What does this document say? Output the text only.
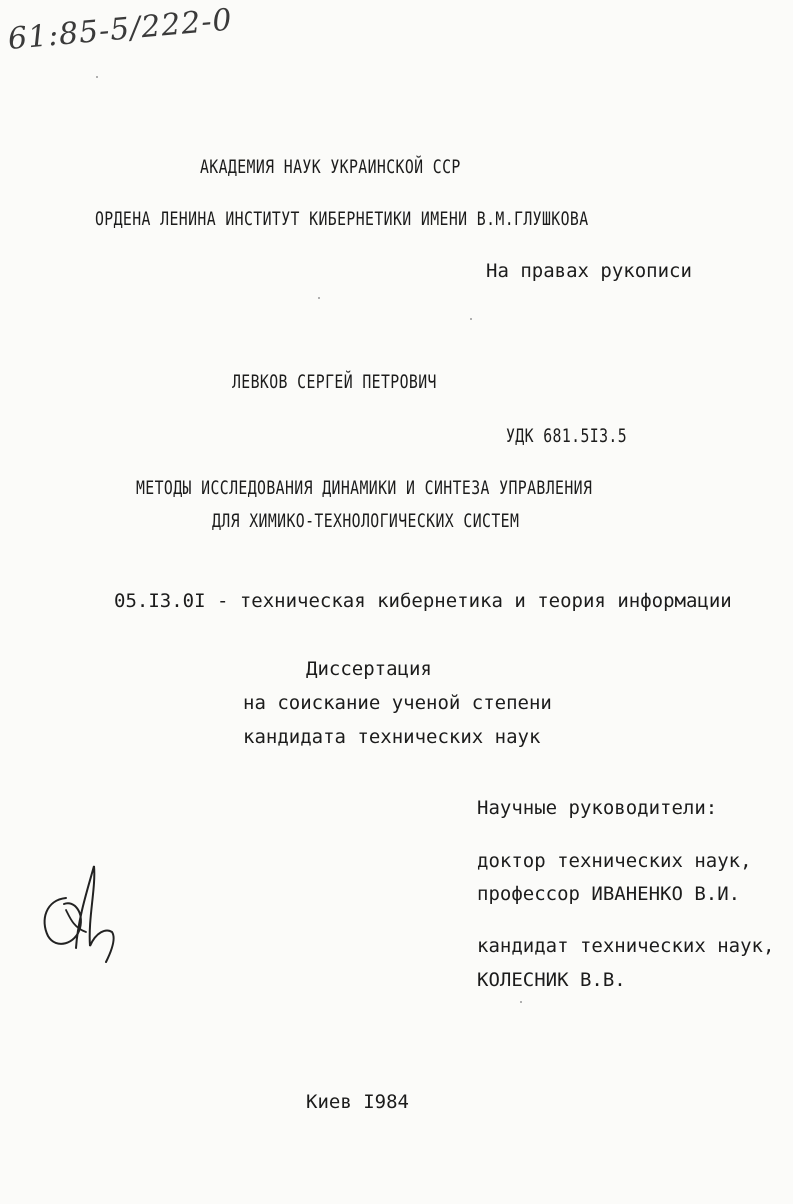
61:85-5/222-0
АКАДЕМИЯ НАУК УКРАИНСКОЙ ССР
ОРДЕНА ЛЕНИНА ИНСТИТУТ КИБЕРНЕТИКИ ИМЕНИ В.М.ГЛУШКОВА
На правах рукописи
ЛЕВКОВ СЕРГЕЙ ПЕТРОВИЧ
УДК 681.5I3.5
МЕТОДЫ ИССЛЕДОВАНИЯ ДИНАМИКИ И СИНТЕЗА УПРАВЛЕНИЯ
ДЛЯ ХИМИКО-ТЕХНОЛОГИЧЕСКИХ СИСТЕМ
05.I3.0I - техническая кибернетика и теория информации
Диссертация
на соискание ученой степени
кандидата технических наук
Научные руководители:
доктор технических наук,
профессор ИВАНЕНКО В.И.
кандидат технических наук,
КОЛЕСНИК В.В.
Киев I984
